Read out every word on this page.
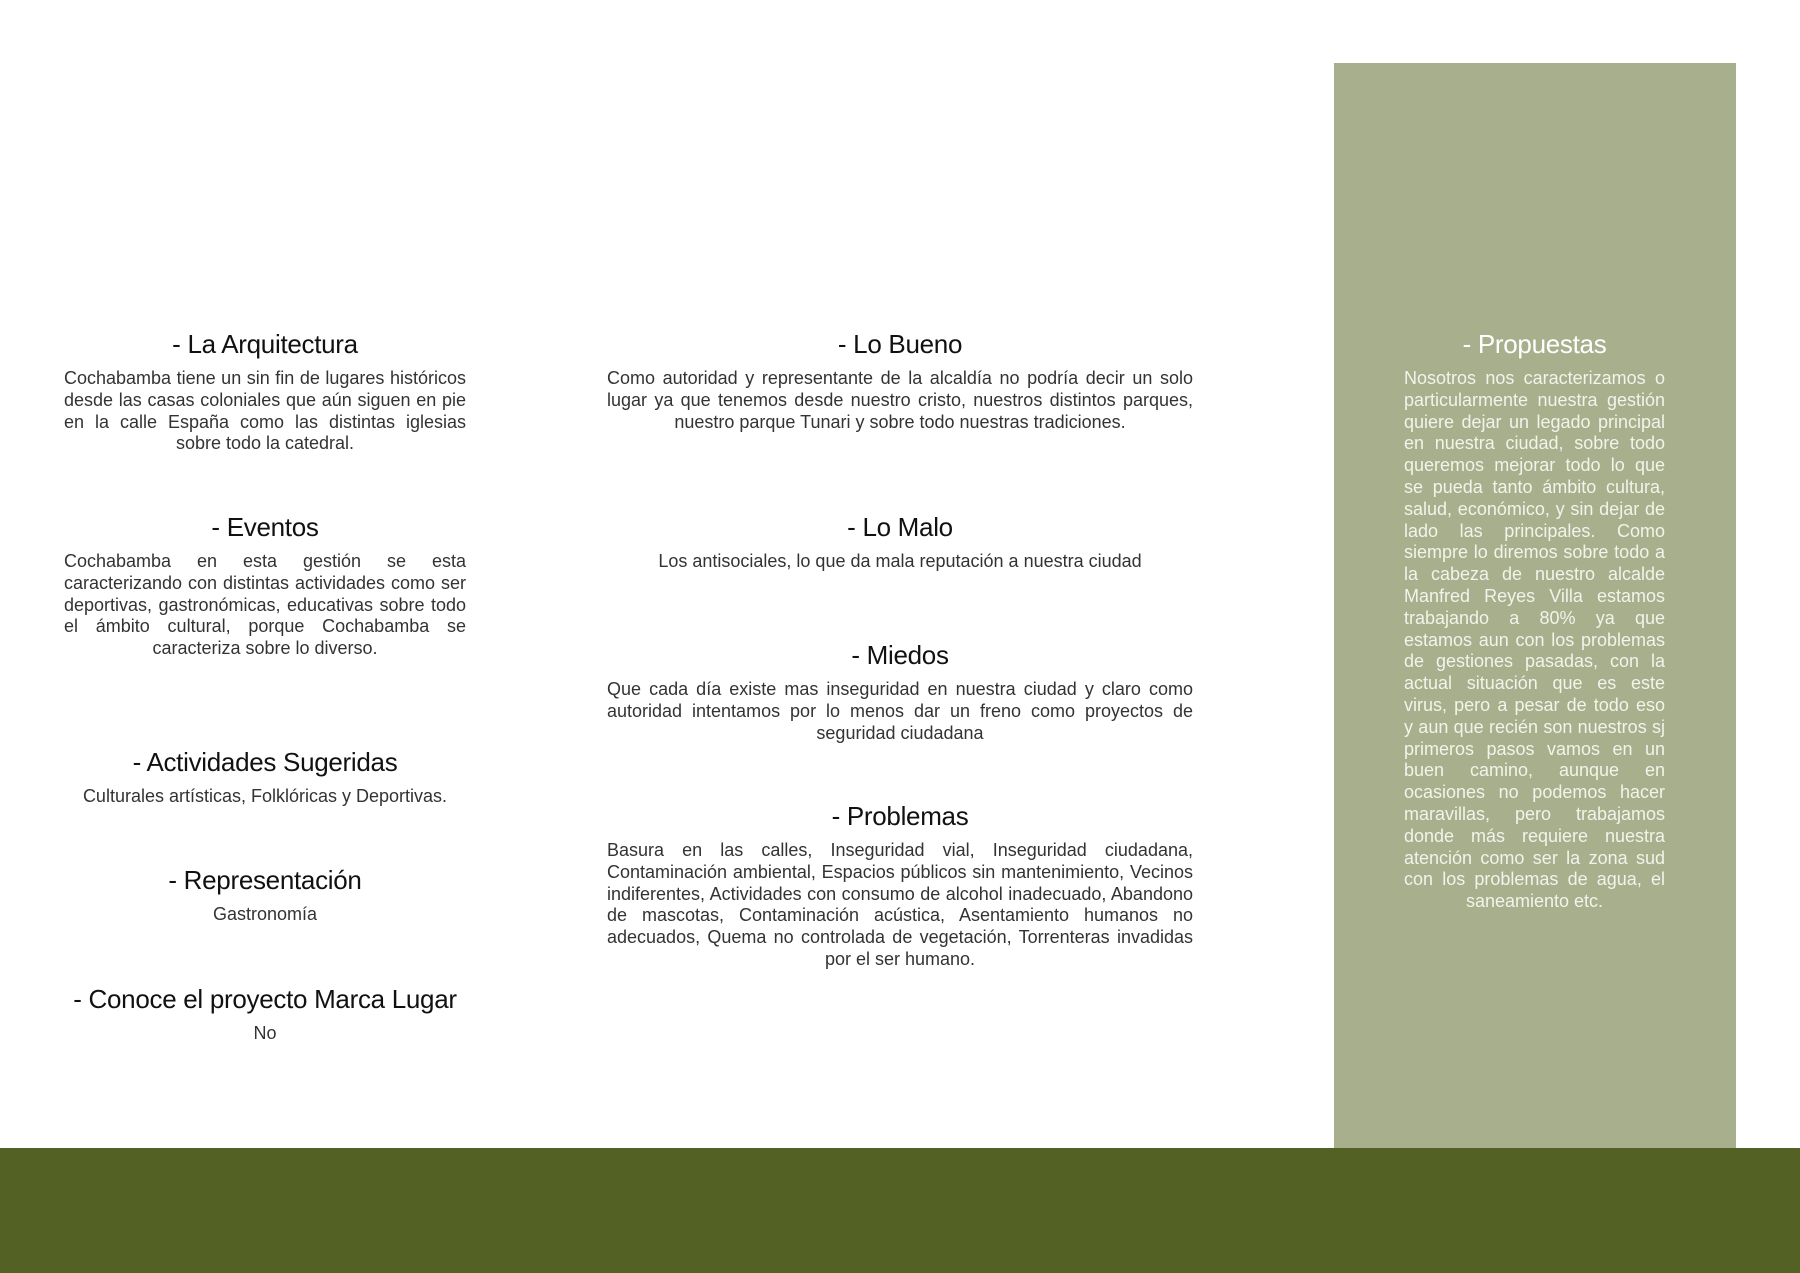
- La Arquitectura

Cochabamba tiene un sin fin de lugares históricos desde las casas coloniales que aún siguen en pie en la calle España como las distintas iglesias sobre todo la catedral.

- Eventos

Cochabamba en esta gestión se esta caracterizando con distintas actividades como ser deportivas, gastronómicas, educativas sobre todo el ámbito cultural, porque Cochabamba se caracteriza sobre lo diverso.

- Actividades Sugeridas

Culturales artísticas, Folklóricas y Deportivas.

- Representación

Gastronomía

- Conoce el proyecto Marca Lugar

No

- Lo Bueno

Como autoridad y representante de la alcaldía no podría decir un solo lugar ya que tenemos desde nuestro cristo, nuestros distintos parques, nuestro parque Tunari y sobre todo nuestras tradiciones.

- Lo Malo

Los antisociales, lo que da mala reputación a nuestra ciudad

- Miedos

Que cada día existe mas inseguridad en nuestra ciudad y claro como autoridad intentamos por lo menos dar un freno como proyectos de seguridad ciudadana

- Problemas

Basura en las calles, Inseguridad vial, Inseguridad ciudadana, Contaminación ambiental, Espacios públicos sin mantenimiento, Vecinos indiferentes, Actividades con consumo de alcohol inadecuado, Abandono de mascotas, Contaminación acústica, Asentamiento humanos no adecuados, Quema no controlada de vegetación, Torrenteras invadidas por el ser humano.

- Propuestas

Nosotros nos caracterizamos o particularmente nuestra gestión quiere dejar un legado principal en nuestra ciudad, sobre todo queremos mejorar todo lo que se pueda tanto ámbito cultura, salud, económico, y sin dejar de lado las principales. Como siempre lo diremos sobre todo a la cabeza de nuestro alcalde Manfred Reyes Villa estamos trabajando a 80% ya que estamos aun con los problemas de gestiones pasadas, con la actual situación que es este virus, pero a pesar de todo eso y aun que recién son nuestros sj primeros pasos vamos en un buen camino, aunque en ocasiones no podemos hacer maravillas, pero trabajamos donde más requiere nuestra atención como ser la zona sud con los problemas de agua, el saneamiento etc.
